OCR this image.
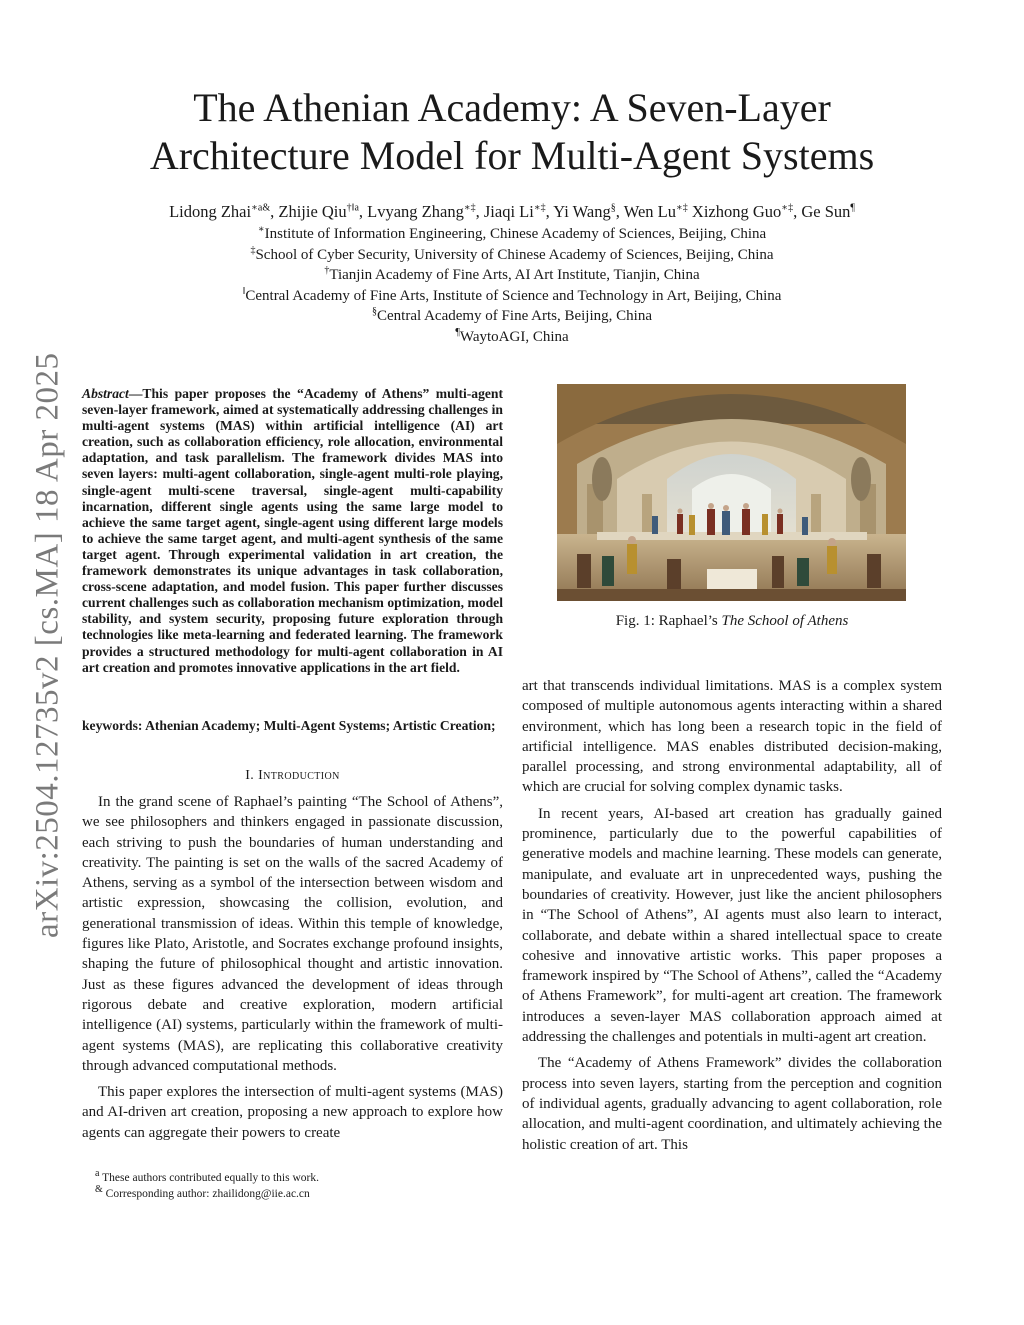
arXiv:2504.12735v2 [cs.MA] 18 Apr 2025
The Athenian Academy: A Seven-Layer
Architecture Model for Multi-Agent Systems
Lidong Zhai$^{∗a\&}$, Zhijie Qiu$^{\dagger‖a}$, Lvyang Zhang∗‡, Jiaqi Li∗‡, Yi Wang§, Wen Lu∗‡ Xizhong Guo∗‡, Ge Sun¶
∗Institute of Information Engineering, Chinese Academy of Sciences, Beijing, China
‡School of Cyber Security, University of Chinese Academy of Sciences, Beijing, China
†Tianjin Academy of Fine Arts, AI Art Institute, Tianjin, China
‖Central Academy of Fine Arts, Institute of Science and Technology in Art, Beijing, China
§Central Academy of Fine Arts, Beijing, China
¶WaytoAGI, China
Abstract—This paper proposes the “Academy of Athens” multi-agent seven-layer framework, aimed at systematically addressing challenges in multi-agent systems (MAS) within artificial intelligence (AI) art creation, such as collaboration efficiency, role allocation, environmental adaptation, and task parallelism. The framework divides MAS into seven layers: multi-agent collaboration, single-agent multi-role playing, single-agent multi-scene traversal, single-agent multi-capability incarnation, different single agents using the same large model to achieve the same target agent, single-agent using different large models to achieve the same target agent, and multi-agent synthesis of the same target agent. Through experimental validation in art creation, the framework demonstrates its unique advantages in task collaboration, cross-scene adaptation, and model fusion. This paper further discusses current challenges such as collaboration mechanism optimization, model stability, and system security, proposing future exploration through technologies like meta-learning and federated learning. The framework provides a structured methodology for multi-agent collaboration in AI art creation and promotes innovative applications in the art field.
keywords: Athenian Academy; Multi-Agent Systems; Artistic Creation;
I. Introduction

In the grand scene of Raphael’s painting “The School of Athens”, we see philosophers and thinkers engaged in passionate discussion, each striving to push the boundaries of human understanding and creativity. The painting is set on the walls of the sacred Academy of Athens, serving as a symbol of the intersection between wisdom and artistic expression, showcasing the collision, evolution, and generational transmission of ideas. Within this temple of knowledge, figures like Plato, Aristotle, and Socrates exchange profound insights, shaping the future of philosophical thought and artistic innovation. Just as these figures advanced the development of ideas through rigorous debate and creative exploration, modern artificial intelligence (AI) systems, particularly within the framework of multi-agent systems (MAS), are replicating this collaborative creativity through advanced computational methods.

This paper explores the intersection of multi-agent systems (MAS) and AI-driven art creation, proposing a new approach to explore how agents can aggregate their powers to create

Fig. 1: Raphael’s The School of Athens

art that transcends individual limitations. MAS is a complex system composed of multiple autonomous agents interacting within a shared environment, which has long been a research topic in the field of artificial intelligence. MAS enables distributed decision-making, parallel processing, and strong environmental adaptability, all of which are crucial for solving complex dynamic tasks.

In recent years, AI-based art creation has gradually gained prominence, particularly due to the powerful capabilities of generative models and machine learning. These models can generate, manipulate, and evaluate art in unprecedented ways, pushing the boundaries of creativity. However, just like the ancient philosophers in “The School of Athens”, AI agents must also learn to interact, collaborate, and debate within a shared intellectual space to create cohesive and innovative artistic works. This paper proposes a framework inspired by “The School of Athens”, called the “Academy of Athens Framework”, for multi-agent art creation. The framework introduces a seven-layer MAS collaboration approach aimed at addressing the challenges and potentials in multi-agent art creation.

The “Academy of Athens Framework” divides the collaboration process into seven layers, starting from the perception and cognition of individual agents, gradually advancing to agent collaboration, role allocation, and multi-agent coordination, and ultimately achieving the holistic creation of art. This

$^a$ These authors contributed equally to this work.
& Corresponding author: zhailidong@iie.ac.cn
